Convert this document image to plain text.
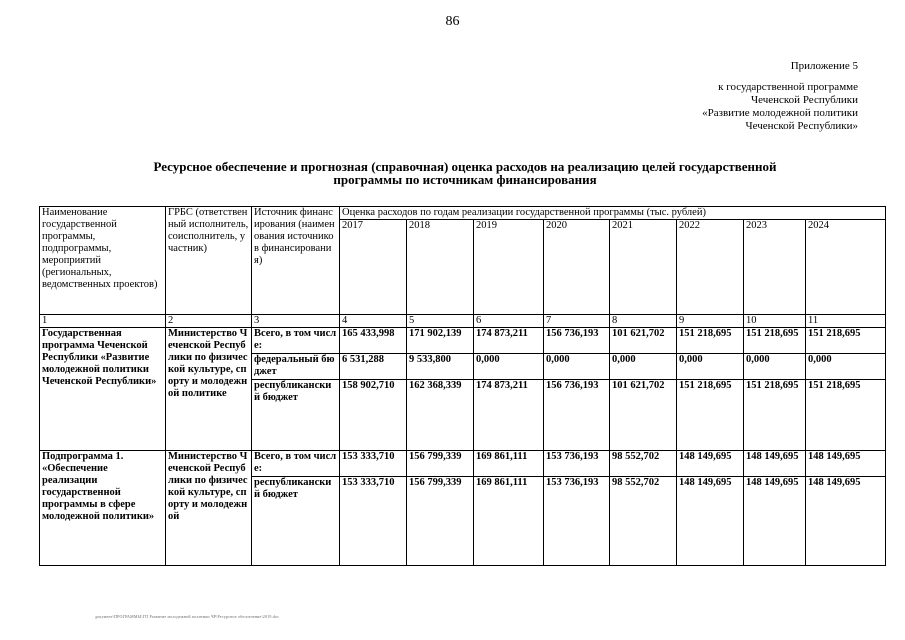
86
Приложение 5
к государственной программе
Чеченской Республики
«Развитие молодежной политики
Чеченской Республики»
Ресурсное обеспечение и прогнозная (справочная) оценка расходов на реализацию целей государственной
программы по источникам финансирования
Наименование государственной программы, подпрограммы, мероприятий (региональных, ведомственных проектов)	ГРБС (ответственный исполнитель, соисполнитель, участник)	Источник финансирования (наименования источников финансирования)	Оценка расходов по годам реализации государственной программы (тыс. рублей)							
			2017	2018	2019	2020	2021	2022	2023	2024
1	2	3	4	5	6	7	8	9	10	11
Государственная программа Чеченской Республики «Развитие молодежной политики Чеченской Республики»	Министерство Чеченской Республики по физической культуре, спорту и молодежной политике	Всего, в том числе:	165 433,998	171 902,139	174 873,211	156 736,193	101 621,702	151 218,695	151 218,695	151 218,695
		федеральный бюджет	6 531,288	9 533,800	0,000	0,000	0,000	0,000	0,000	0,000
		республиканский бюджет	158 902,710	162 368,339	174 873,211	156 736,193	101 621,702	151 218,695	151 218,695	151 218,695
Подпрограмма 1. «Обеспечение реализации государственной программы в сфере молодежной политики»	Министерство Чеченской Республики по физической культуре, спорту и молодежной	Всего, в том числе:	153 333,710	156 799,339	169 861,111	153 736,193	98 552,702	148 149,695	148 149,695	148 149,695
		республиканский бюджет	153 333,710	156 799,339	169 861,111	153 736,193	98 552,702	148 149,695	148 149,695	148 149,695
документ\ПРОГРАММЫ\ГП Развитие молодежной политики ЧР\Ресурсное обеспечение\2019.doc
